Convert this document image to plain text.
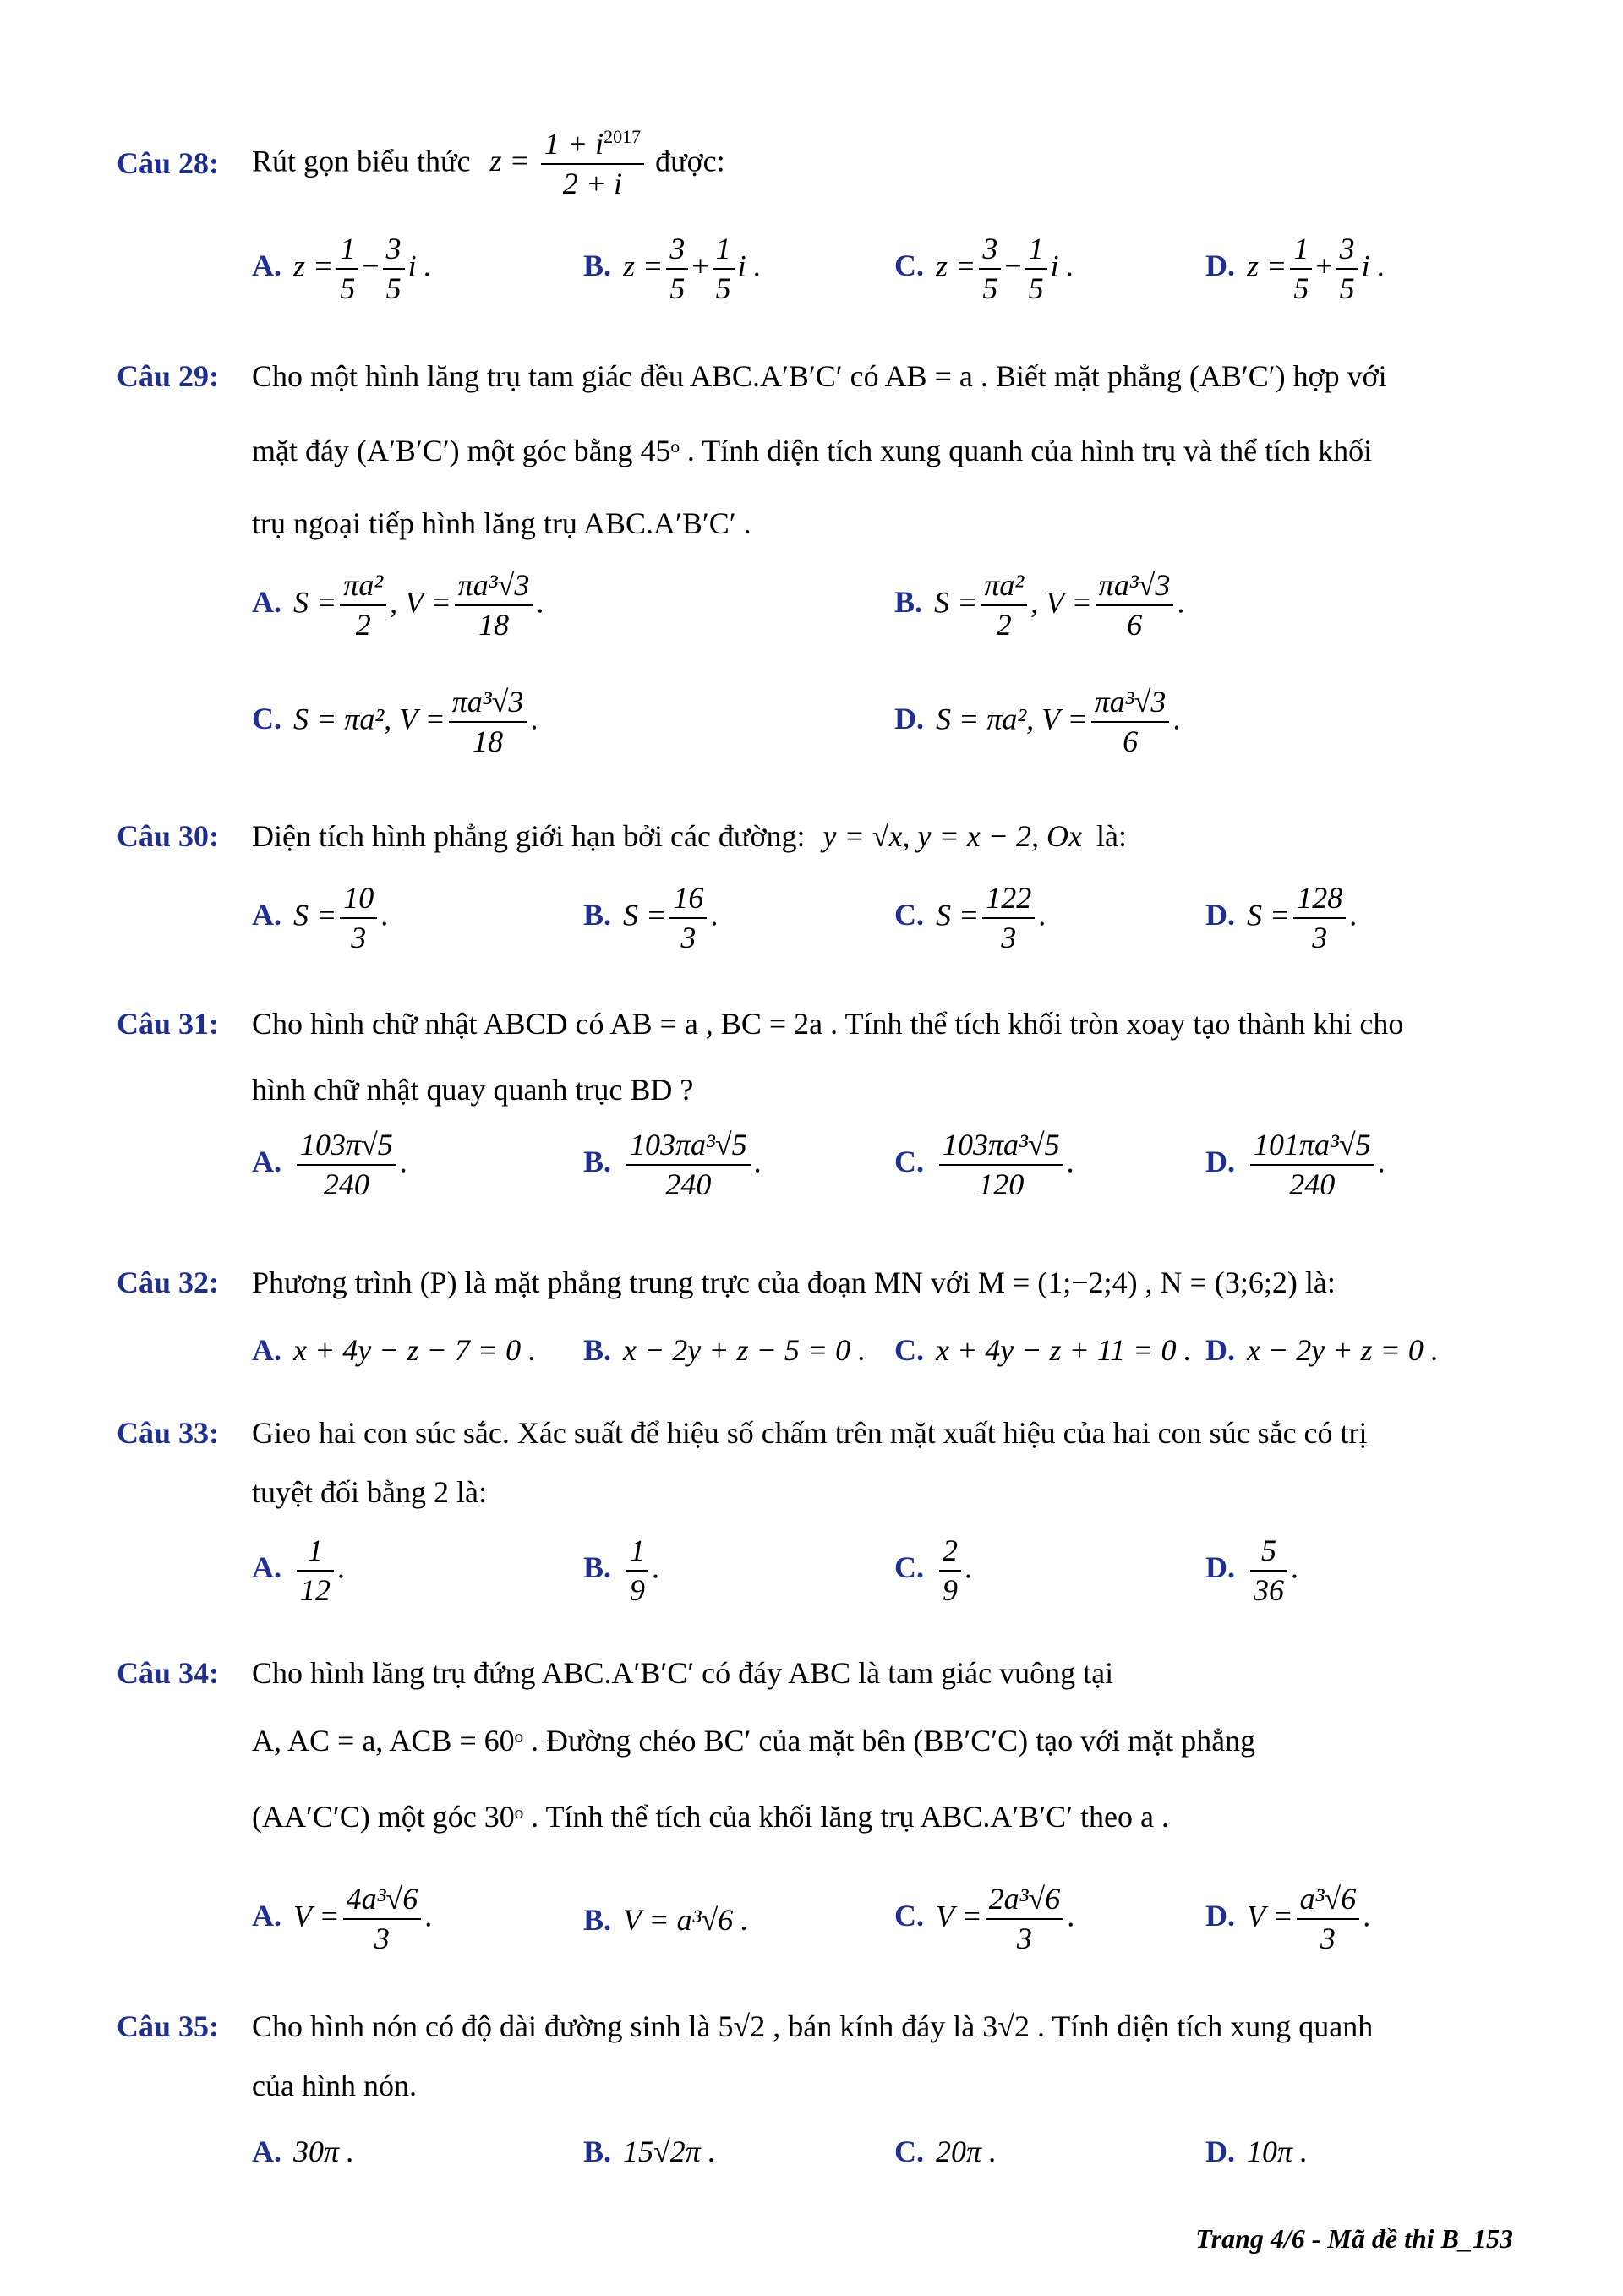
Câu 28: Rút gọn biểu thức $z = \frac{1 + i^{2017}}{2 + i}$ được:
A. $z = \frac{1}{5} - \frac{3}{5}$ i .	B. $z = \frac{3}{5} + \frac{1}{5}$ i .	C. $z = \frac{3}{5} - \frac{1}{5}$ i .	D. $z = \frac{1}{5} + \frac{3}{5}$ i .
Câu 29: Cho một hình lăng trụ tam giác đều ABC.A′B′C′ có AB = a . Biết mặt phẳng (AB′C′) hợp với
mặt đáy (A′B′C′) một góc bằng 45ᵒ . Tính diện tích xung quanh của hình trụ và thể tích khối
trụ ngoại tiếp hình lăng trụ ABC.A′B′C′ .
A. $S = \frac{\text{πa²}}{2}$ , $V = \frac{\text{πa³√3}}{18}$ .	B. $S = \frac{\text{πa²}}{2}$ , $V = \frac{\text{πa³√3}}{6}$ .
C. S = πa², $V = \frac{\text{πa³√3}}{18}$ .	D. S = πa², $V = \frac{\text{πa³√3}}{6}$ .
Câu 30: Diện tích hình phẳng giới hạn bởi các đường: y = √x, y = x − 2, Ox là:
A. $S = \frac{10}{3}$ .	B. $S = \frac{16}{3}$ .	C. $S = \frac{122}{3}$ .	D. $S = \frac{128}{3}$ .
Câu 31: Cho hình chữ nhật ABCD có AB = a , BC = 2a . Tính thể tích khối tròn xoay tạo thành khi cho
hình chữ nhật quay quanh trục BD ?
A. $\frac{103\pi√5}{240}$ .	B. $\frac{\text{103πa³√5}}{240}$ .	C. $\frac{\text{103πa³√5}}{120}$ .	D. $\frac{\text{101πa³√5}}{240}$ .
Câu 32: Phương trình (P) là mặt phẳng trung trực của đoạn MN với M = (1;−2;4) , N = (3;6;2) là:
A. x + 4y − z − 7 = 0 . B. x − 2y + z − 5 = 0 . C. x + 4y − z + 11 = 0 . D. x − 2y + z = 0 .
Câu 33: Gieo hai con súc sắc. Xác suất để hiệu số chấm trên mặt xuất hiệu của hai con súc sắc có trị
tuyệt đối bằng 2 là:
A. $\frac{1}{12}$ .	B. $\frac{1}{9}$ .	C. $\frac{2}{9}$ .	D. $\frac{5}{36}$ .
Câu 34: Cho hình lăng trụ đứng ABC.A′B′C′ có đáy ABC là tam giác vuông tại
A, AC = a, ACB = 60ᵒ . Đường chéo BC′ của mặt bên (BB′C′C) tạo với mặt phẳng
(AA′C′C) một góc 30ᵒ . Tính thể tích của khối lăng trụ ABC.A′B′C′ theo a .
A. $V = \frac{\text{4a³√6}}{3}$ .	B. V = a³√6 .	C. $V = \frac{\text{2a³√6}}{3}$ .	D. $V = \frac{\text{a³√6}}{3}$ .
Câu 35: Cho hình nón có độ dài đường sinh là 5√2 , bán kính đáy là 3√2 . Tính diện tích xung quanh
của hình nón.
A. 30π .	B. 15√2π .	C. 20π .	D. 10π .
Trang 4/6 - Mã đề thi B_153
